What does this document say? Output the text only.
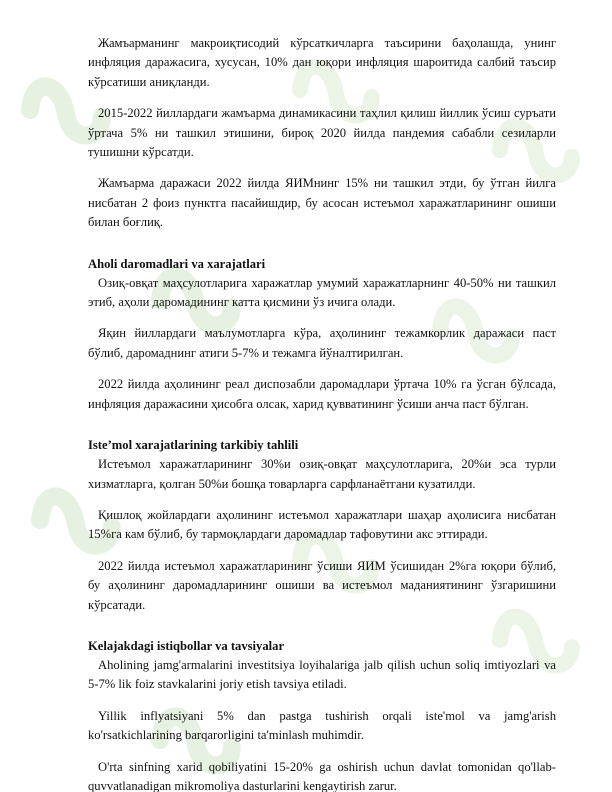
Жамъарманинг макроиқтисодий кўрсаткичларга таъсирини баҳолашда, унинг инфляция даражасига, хусусан, 10% дан юқори инфляция шароитида салбий таъсир кўрсатиши аниқланди.

2015-2022 йиллардаги жамъарма динамикасини таҳлил қилиш йиллик ўсиш суръати ўртача 5% ни ташкил этишини, бироқ 2020 йилда пандемия сабабли сезиларли тушишни кўрсатди.

Жамъарма даражаси 2022 йилда ЯИМнинг 15% ни ташкил этди, бу ўтган йилга нисбатан 2 фоиз пунктга пасайишдир, бу асосан истеъмол харажатларининг ошиши билан боғлиқ.

Aholi daromadlari va xarajatlari

Озиқ-овқат маҳсулотларига харажатлар умумий харажатларнинг 40-50% ни ташкил этиб, аҳоли даромадининг катта қисмини ўз ичига олади.

Яқин йиллардаги маълумотларга кўра, аҳолининг тежамкорлик даражаси паст бўлиб, даромаднинг атиги 5-7% и тежамга йўналтирилган.

2022 йилда аҳолининг реал диспозабли даромадлари ўртача 10% га ўсган бўлсада, инфляция даражасини ҳисобга олсак, харид қувватининг ўсиши анча паст бўлган.

Iste’mol xarajatlarining tarkibiy tahlili

Истеъмол харажатларининг 30%и озиқ-овқат маҳсулотларига, 20%и эса турли хизматларга, қолган 50%и бошқа товарларга сарфланаётгани кузатилди.

Қишлоқ жойлардаги аҳолининг истеъмол харажатлари шаҳар аҳолисига нисбатан 15%га кам бўлиб, бу тармоқлардаги даромадлар тафовутини акс эттиради.

2022 йилда истеъмол харажатларининг ўсиши ЯИМ ўсишидан 2%га юқори бўлиб, бу аҳолининг даромадларининг ошиши ва истеъмол маданиятининг ўзгаришини кўрсатади.

Kelajakdagi istiqbollar va tavsiyalar

Aholining jamg'armalarini investitsiya loyihalariga jalb qilish uchun soliq imtiyozlari va 5-7% lik foiz stavkalarini joriy etish tavsiya etiladi.

Yillik inflyatsiyani 5% dan pastga tushirish orqali iste'mol va jamg'arish ko'rsatkichlarining barqarorligini ta'minlash muhimdir.

O'rta sinfning xarid qobiliyatini 15-20% ga oshirish uchun davlat tomonidan qo'llab-quvvatlanadigan mikromoliya dasturlarini kengaytirish zarur.
